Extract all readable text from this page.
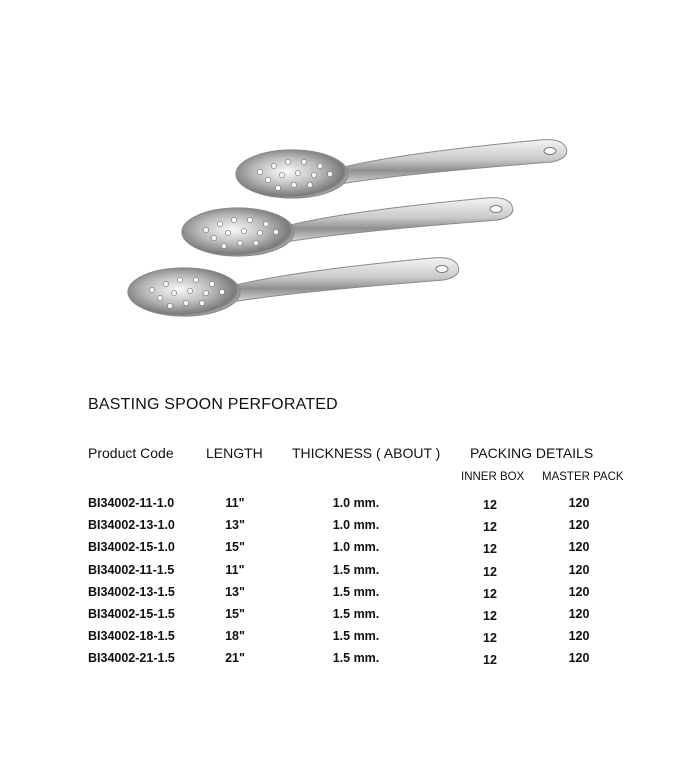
BASTING SPOON PERFORATED
Product Code LENGTH THICKNESS ( ABOUT ) PACKING DETAILS
INNER BOX MASTER PACK
BI34002-11-1.0	11"	1.0 mm.	12	120
BI34002-13-1.0	13"	1.0 mm.	12	120
BI34002-15-1.0	15"	1.0 mm.	12	120
BI34002-11-1.5	11"	1.5 mm.	12	120
BI34002-13-1.5	13"	1.5 mm.	12	120
BI34002-15-1.5	15"	1.5 mm.	12	120
BI34002-18-1.5	18"	1.5 mm.	12	120
BI34002-21-1.5	21"	1.5 mm.	12	120
